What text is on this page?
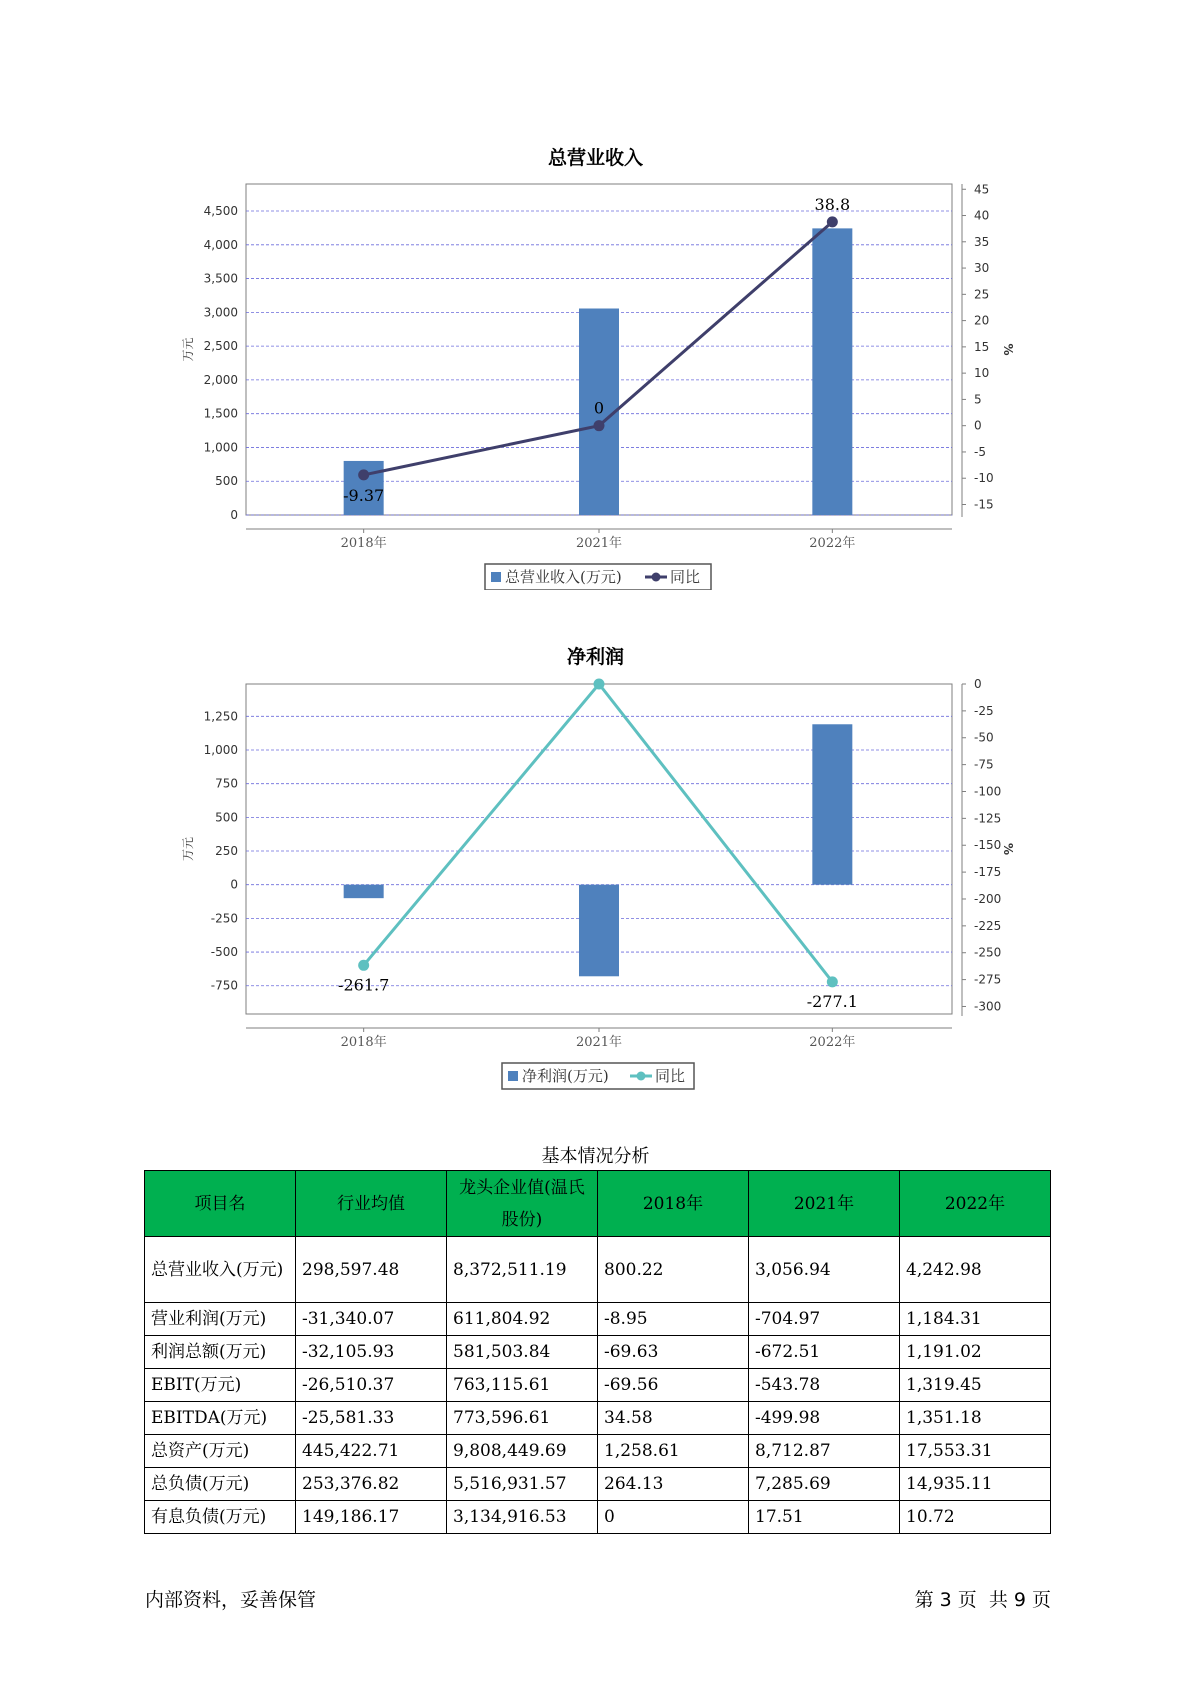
总营业收入
0
500
1,000
1,500
2,000
2,500
3,000
3,500
4,000
4,500
-15
-10
-5
0
5
10
15
20
25
30
35
40
45
万元	%
2018年	2021年	2022年
-9.37
0
38.8
总营业收入(万元)	同比
净利润
-750
-500
-250
0
250
500
750
1,000
1,250
-300
-275
-250
-225
-200
-175
-150
-125
-100
-75
-50
-25
0
万元	%
2018年	2021年	2022年
-261.7
-277.1
净利润(万元)	同比
基本情况分析
项目名	行业均值	龙头企业值(温氏股份)	2018年	2021年	2022年
总营业收入(万元)	298,597.48	8,372,511.19	800.22	3,056.94	4,242.98
营业利润(万元)	-31,340.07	611,804.92	-8.95	-704.97	1,184.31
利润总额(万元)	-32,105.93	581,503.84	-69.63	-672.51	1,191.02
EBIT(万元)	-26,510.37	763,115.61	-69.56	-543.78	1,319.45
EBITDA(万元)	-25,581.33	773,596.61	34.58	-499.98	1,351.18
总资产(万元)	445,422.71	9,808,449.69	1,258.61	8,712.87	17,553.31
总负债(万元)	253,376.82	5,516,931.57	264.13	7,285.69	14,935.11
有息负债(万元)	149,186.17	3,134,916.53	0	17.51	10.72
内部资料，妥善保管	第 3 页  共 9 页
